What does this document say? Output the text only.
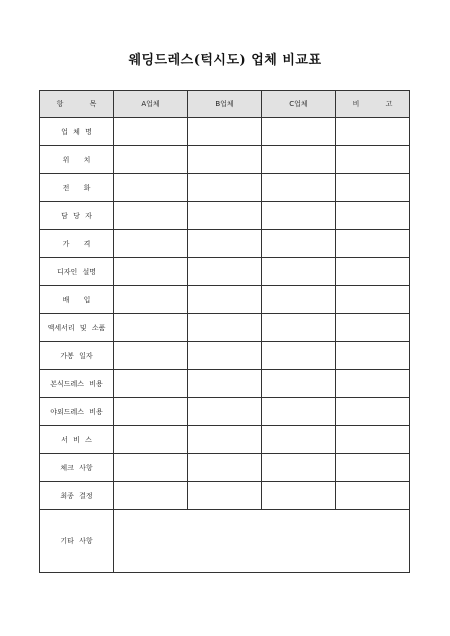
웨딩드레스(턱시도) 업체 비교표
항 목	A업체	B업체	C업체	비 고
업 체 명				
위 치				
전 화				
담 당 자				
가 격				
디자인 설명				
배 입				
액세서리 및 소품				
가봉 일자				
본식드레스 비용				
야외드레스 비용				
서 비 스				
체크 사항				
최종 결정				
기타 사항				
